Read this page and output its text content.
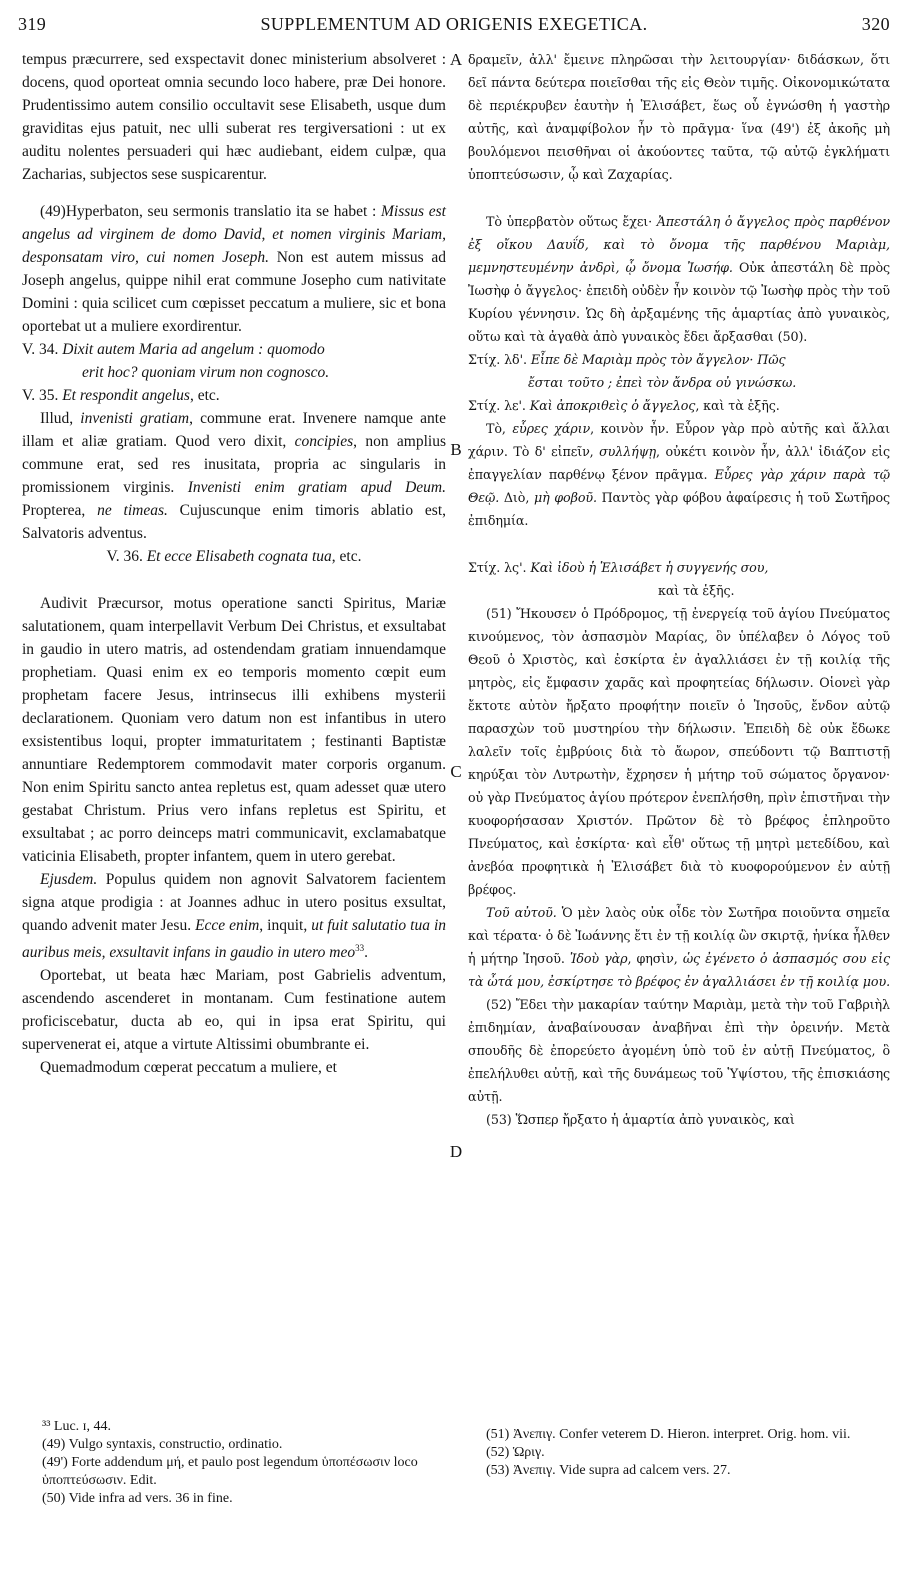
319	SUPPLEMENTUM AD ORIGENIS EXEGETICA.	320
A
B
C
D

tempus præcurrere, sed exspectavit donec ministerium absolveret : docens, quod oporteat omnia secundo loco habere, præ Dei honore. Prudentissimo autem consilio occultavit sese Elisabeth, usque dum graviditas ejus patuit, nec ulli suberat res tergiversationi : ut ex auditu nolentes persuaderi qui hæc audiebant, eidem culpæ, qua Zacharias, subjectos sese suspicarentur.

(49)Hyperbaton, seu sermonis translatio ita se habet : Missus est angelus ad virginem de domo David, et nomen virginis Mariam, desponsatam viro, cui nomen Joseph. Non est autem missus ad Joseph angelus, quippe nihil erat commune Josepho cum nativitate Domini : quia scilicet cum cœpisset peccatum a muliere, sic et bona oportebat ut a muliere exordirentur.

V. 34. Dixit autem Maria ad angelum : quomodo
erit hoc? quoniam virum non cognosco.

V. 35. Et respondit angelus, etc.

Illud, invenisti gratiam, commune erat. Invenere namque ante illam et aliæ gratiam. Quod vero dixit, concipies, non amplius commune erat, sed res inusitata, propria ac singularis in promissionem virginis. Invenisti enim gratiam apud Deum. Propterea, ne timeas. Cujuscunque enim timoris ablatio est, Salvatoris adventus.

V. 36. Et ecce Elisabeth cognata tua, etc.

Audivit Præcursor, motus operatione sancti Spiritus, Mariæ salutationem, quam interpellavit Verbum Dei Christus, et exsultabat in gaudio in utero matris, ad ostendendam gratiam innuendamque prophetiam. Quasi enim ex eo temporis momento cœpit eum prophetam facere Jesus, intrinsecus illi exhibens mysterii declarationem. Quoniam vero datum non est infantibus in utero exsistentibus loqui, propter immaturitatem ; festinanti Baptistæ annuntiare Redemptorem commodavit mater corporis organum. Non enim Spiritu sancto antea repletus est, quam adesset quæ utero gestabat Christum. Prius vero infans repletus est Spiritu, et exsultabat ; ac porro deinceps matri communicavit, exclamabatque vaticinia Elisabeth, propter infantem, quem in utero gerebat.

Ejusdem. Populus quidem non agnovit Salvatorem facientem signa atque prodigia : at Joannes adhuc in utero positus exsultat, quando advenit mater Jesu. Ecce enim, inquit, ut fuit salutatio tua in auribus meis, exsultavit infans in gaudio in utero meo$^{33}$.

Oportebat, ut beata hæc Mariam, post Gabrielis adventum, ascendendo ascenderet in montanam. Cum festinatione autem proficiscebatur, ducta ab eo, qui in ipsa erat Spiritu, qui supervenerat ei, atque a virtute Altissimi obumbrante ei.

Quemadmodum cœperat peccatum a muliere, et

δραμεῖν, ἀλλ' ἔμεινε πληρῶσαι τὴν λειτουργίαν· διδάσκων, ὅτι δεῖ πάντα δεύτερα ποιεῖσθαι τῆς εἰς Θεὸν τιμῆς. Οἰκονομικώτατα δὲ περιέκρυβεν ἑαυτὴν ἡ Ἐλισάβετ, ἕως οὗ ἐγνώσθη ἡ γαστὴρ αὐτῆς, καὶ ἀναμφίβολον ἦν τὸ πρᾶγμα· ἵνα (49') ἐξ ἀκοῆς μὴ βουλόμενοι πεισθῆναι οἱ ἀκούοντες ταῦτα, τῷ αὐτῷ ἐγκλήματι ὑποπτεύσωσιν, ᾧ καὶ Ζαχαρίας.

Τὸ ὑπερβατὸν οὕτως ἔχει· Ἀπεστάλη ὁ ἄγγελος πρὸς παρθένον ἐξ οἴκου Δαυΐδ, καὶ τὸ ὄνομα τῆς παρθένου Μαριὰμ, μεμνηστευμένην ἀνδρὶ, ᾧ ὄνομα Ἰωσήφ. Οὐκ ἀπεστάλη δὲ πρὸς Ἰωσὴφ ὁ ἄγγελος· ἐπειδὴ οὐδὲν ἦν κοινὸν τῷ Ἰωσὴφ πρὸς τὴν τοῦ Κυρίου γέννησιν. Ὡς δὴ ἀρξαμένης τῆς ἁμαρτίας ἀπὸ γυναικὸς, οὕτω καὶ τὰ ἀγαθὰ ἀπὸ γυναικὸς ἔδει ἄρξασθαι (50).

Στίχ. λδ'. Εἶπε δὲ Μαριὰμ πρὸς τὸν ἄγγελον· Πῶς
ἔσται τοῦτο ; ἐπεὶ τὸν ἄνδρα οὐ γινώσκω.

Στίχ. λε'. Καὶ ἀποκριθεὶς ὁ ἄγγελος, καὶ τὰ ἑξῆς.

Τὸ, εὗρες χάριν, κοινὸν ἦν. Εὗρον γὰρ πρὸ αὐτῆς καὶ ἄλλαι χάριν. Τὸ δ' εἰπεῖν, συλλήψῃ, οὐκέτι κοινὸν ἦν, ἀλλ' ἰδιάζον εἰς ἐπαγγελίαν παρθένῳ ξένον πρᾶγμα. Εὗρες γὰρ χάριν παρὰ τῷ Θεῷ. Διὸ, μὴ φοβοῦ. Παντὸς γὰρ φόβου ἀφαίρεσις ἡ τοῦ Σωτῆρος ἐπιδημία.

Στίχ. λς'. Καὶ ἰδοὺ ἡ Ἐλισάβετ ἡ συγγενής σου,
καὶ τὰ ἑξῆς.

(51) Ἤκουσεν ὁ Πρόδρομος, τῇ ἐνεργείᾳ τοῦ ἁγίου Πνεύματος κινούμενος, τὸν ἀσπασμὸν Μαρίας, ὃν ὑπέλαβεν ὁ Λόγος τοῦ Θεοῦ ὁ Χριστὸς, καὶ ἐσκίρτα ἐν ἀγαλλιάσει ἐν τῇ κοιλίᾳ τῆς μητρὸς, εἰς ἔμφασιν χαρᾶς καὶ προφητείας δήλωσιν. Οἱονεὶ γὰρ ἔκτοτε αὐτὸν ἤρξατο προφήτην ποιεῖν ὁ Ἰησοῦς, ἔνδον αὐτῷ παρασχὼν τοῦ μυστηρίου τὴν δήλωσιν. Ἐπειδὴ δὲ οὐκ ἔδωκε λαλεῖν τοῖς ἐμβρύοις διὰ τὸ ἄωρον, σπεύδοντι τῷ Βαπτιστῇ κηρύξαι τὸν Λυτρωτὴν, ἔχρησεν ἡ μήτηρ τοῦ σώματος ὄργανον· οὐ γὰρ Πνεύματος ἁγίου πρότερον ἐνεπλήσθη, πρὶν ἐπιστῆναι τὴν κυοφορήσασαν Χριστόν. Πρῶτον δὲ τὸ βρέφος ἐπληροῦτο Πνεύματος, καὶ ἐσκίρτα· καὶ εἶθ' οὕτως τῇ μητρὶ μετεδίδου, καὶ ἀνεβόα προφητικὰ ἡ Ἐλισάβετ διὰ τὸ κυοφορούμενον ἐν αὐτῇ βρέφος.

Τοῦ αὐτοῦ. Ὁ μὲν λαὸς οὐκ οἶδε τὸν Σωτῆρα ποιοῦντα σημεῖα καὶ τέρατα· ὁ δὲ Ἰωάννης ἔτι ἐν τῇ κοιλίᾳ ὢν σκιρτᾷ, ἡνίκα ἦλθεν ἡ μήτηρ Ἰησοῦ. Ἰδοὺ γὰρ, φησὶν, ὡς ἐγένετο ὁ ἀσπασμός σου εἰς τὰ ὦτά μου, ἐσκίρτησε τὸ βρέφος ἐν ἀγαλλιάσει ἐν τῇ κοιλίᾳ μου.

(52) Ἔδει τὴν μακαρίαν ταύτην Μαριὰμ, μετὰ τὴν τοῦ Γαβριὴλ ἐπιδημίαν, ἀναβαίνουσαν ἀναβῆναι ἐπὶ τὴν ὀρεινήν. Μετὰ σπουδῆς δὲ ἐπορεύετο ἀγομένη ὑπὸ τοῦ ἐν αὐτῇ Πνεύματος, ὃ ἐπελήλυθει αὐτῇ, καὶ τῆς δυνάμεως τοῦ Ὑψίστου, τῆς ἐπισκιάσης αὐτῇ.

(53) Ὥσπερ ἤρξατο ἡ ἁμαρτία ἀπὸ γυναικὸς, καὶ

³³ Luc. ɪ, 44.

(49) Vulgo syntaxis, constructio, ordinatio.

(49') Forte addendum μή, et paulo post legendum ὑποπέσωσιν loco ὑποπτεύσωσιν. Edit.

(50) Vide infra ad vers. 36 in fine.

(51) Ἀνεπιγ. Confer veterem D. Hieron. interpret. Orig. hom. vii.

(52) Ὡριγ.

(53) Ἀνεπιγ. Vide supra ad calcem vers. 27.
